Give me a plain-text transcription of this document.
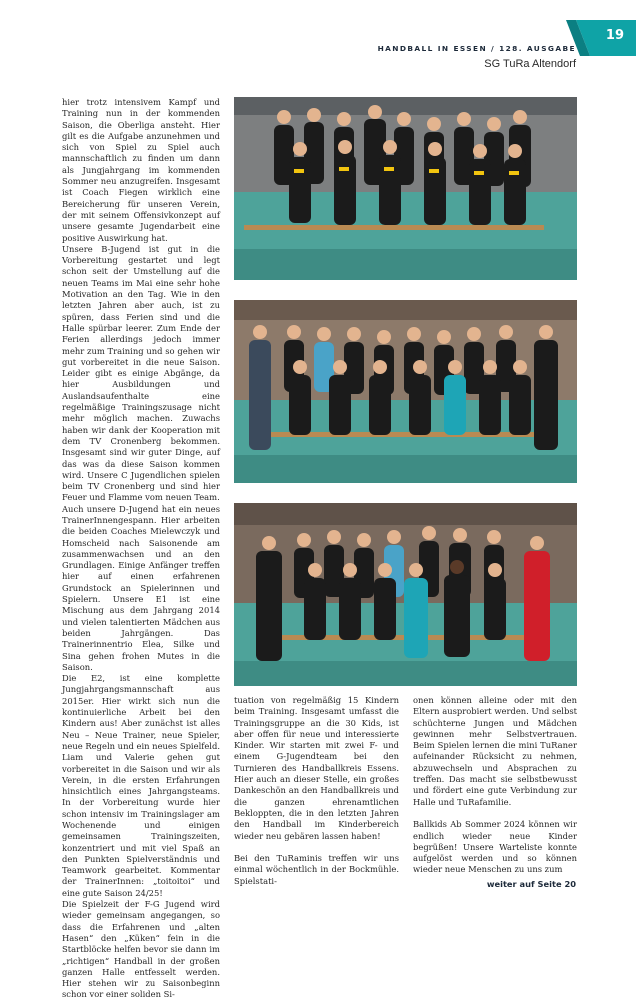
19
HANDBALL IN ESSEN / 128. AUSGABE
SG TuRa Altendorf

hier trotz intensivem Kampf und Training nun in der kommenden Saison, die Oberliga ansteht. Hier gilt es die Aufgabe anzunehmen und sich von Spiel zu Spiel auch mannschaftlich zu finden um dann als Jungjahrgang im kommenden Sommer neu anzugreifen. Insgesamt ist Coach Fiegen wirklich eine Bereicherung für unseren Verein, der mit seinem Offensivkonzept auf unsere gesamte Jugendarbeit eine positive Auswirkung hat.

Unsere B-Jugend ist gut in die Vorbereitung gestartet und legt schon seit der Umstellung auf die neuen Teams im Mai eine sehr hohe Motivation an den Tag. Wie in den letzten Jahren aber auch, ist zu spüren, dass Ferien sind und die Halle spürbar leerer. Zum Ende der Ferien allerdings jedoch immer mehr zum Training und so gehen wir gut vorbereitet in die neue Saison. Leider gibt es einige Abgänge, da hier Ausbildungen und Auslandsaufenthalte eine regelmäßige Trainingszusage nicht mehr möglich machen. Zuwachs haben wir dank der Kooperation mit dem TV Cronenberg bekommen. Insgesamt sind wir guter Dinge, auf das was da diese Saison kommen wird. Unsere C Jugendlichen spielen beim TV Cronenberg und sind hier Feuer und Flamme vom neuen Team.

Auch unsere D-Jugend hat ein neues TrainerInnengespann. Hier arbeiten die beiden Coaches Mielewczyk und Homscheid nach Saisonende am zusammenwachsen und an den Grundlagen. Einige Anfänger treffen hier auf einen erfahrenen Grundstock an Spielerinnen und Spielern. Unsere E1 ist eine Mischung aus dem Jahrgang 2014 und vielen talentierten Mädchen aus beiden Jahrgängen. Das Trainerinnentrio Elea, Silke und Sina gehen frohen Mutes in die Saison.

Die E2, ist eine komplette Jungjahrgangsmannschaft aus 2015er. Hier wirkt sich nun die kontinuierliche Arbeit bei den Kindern aus! Aber zunächst ist alles Neu – Neue Trainer, neue Spieler, neue Regeln und ein neues Spielfeld. Liam und Valerie gehen gut vorbereitet in die Saison und wir als Verein, in die ersten Erfahrungen hinsichtlich eines Jahrgangsteams. In der Vorbereitung wurde hier schon intensiv im Trainingslager am Wochenende und einigen gemeinsamen Trainingszeiten, konzentriert und mit viel Spaß an den Punkten Spielverständnis und Teamwork gearbeitet. Kommentar der TrainerInnen: „toitoitoi“ und eine gute Saison 24/25!

Die Spielzeit der F-G Jugend wird wieder gemeinsam angegangen, so dass die Erfahrenen und „alten Hasen“ den „Küken“ fein in die Startblöcke helfen bevor sie dann im „richtigen“ Handball in der großen ganzen Halle entfesselt werden. Hier stehen wir zu Saisonbeginn schon vor einer soliden Si-

tuation von regelmäßig 15 Kindern beim Training. Insgesamt umfasst die Trainingsgruppe an die 30 Kids, ist aber offen für neue und interessierte Kinder. Wir starten mit zwei F- und einem G-Jugendteam bei den Turnieren des Handballkreis Essens. Hier auch an dieser Stelle, ein großes Dankeschön an den Handballkreis und die ganzen ehrenamtlichen Bekloppten, die in den letzten Jahren den Handball im Kinderbereich wieder neu gebären lassen haben!

Bei den TuRaminis treffen wir uns einmal wöchentlich in der Bockmühle. Spielstati-

onen können alleine oder mit den Eltern ausprobiert werden. Und selbst schüchterne Jungen und Mädchen gewinnen mehr Selbstvertrauen. Beim Spielen lernen die mini TuRaner aufeinander Rücksicht zu nehmen, abzuwechseln und Absprachen zu treffen. Das macht sie selbstbewusst und fördert eine gute Verbindung zur Halle und TuRafamilie.

Ballkids Ab Sommer 2024 können wir endlich wieder neue Kinder begrüßen! Unsere Warteliste konnte aufgelöst werden und so können wieder neue Menschen zu uns zum

weiter auf Seite 20
